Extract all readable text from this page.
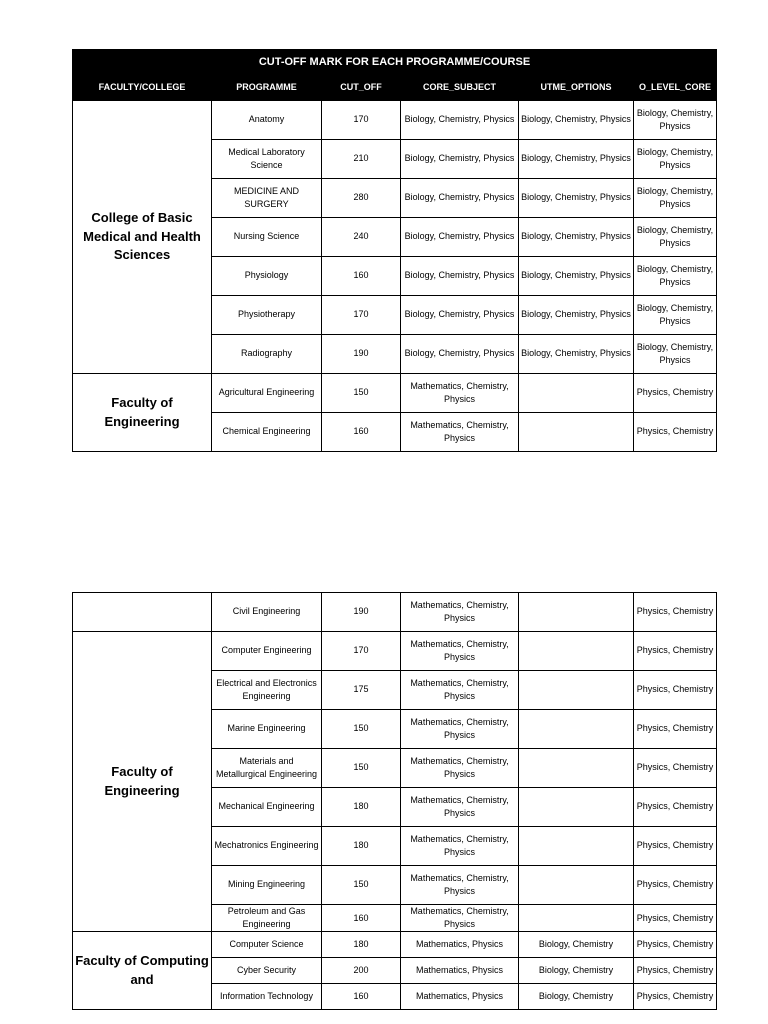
CUT-OFF MARK FOR EACH PROGRAMME/COURSE					
FACULTY/COLLEGE	PROGRAMME	CUT_OFF	CORE_SUBJECT	UTME_OPTIONS	O_LEVEL_CORE
College of Basic Medical and Health Sciences	Anatomy	170	Biology, Chemistry, Physics	Biology, Chemistry, Physics	Biology, Chemistry, Physics
	Medical Laboratory Science	210	Biology, Chemistry, Physics	Biology, Chemistry, Physics	Biology, Chemistry, Physics
	MEDICINE AND SURGERY	280	Biology, Chemistry, Physics	Biology, Chemistry, Physics	Biology, Chemistry, Physics
	Nursing Science	240	Biology, Chemistry, Physics	Biology, Chemistry, Physics	Biology, Chemistry, Physics
	Physiology	160	Biology, Chemistry, Physics	Biology, Chemistry, Physics	Biology, Chemistry, Physics
	Physiotherapy	170	Biology, Chemistry, Physics	Biology, Chemistry, Physics	Biology, Chemistry, Physics
	Radiography	190	Biology, Chemistry, Physics	Biology, Chemistry, Physics	Biology, Chemistry, Physics
Faculty of Engineering	Agricultural Engineering	150	Mathematics, Chemistry, Physics		Physics, Chemistry
	Chemical Engineering	160	Mathematics, Chemistry, Physics		Physics, Chemistry
	Civil Engineering	190	Mathematics, Chemistry, Physics		Physics, Chemistry
Faculty of Engineering	Computer Engineering	170	Mathematics, Chemistry, Physics		Physics, Chemistry
	Electrical and Electronics Engineering	175	Mathematics, Chemistry, Physics		Physics, Chemistry
	Marine Engineering	150	Mathematics, Chemistry, Physics		Physics, Chemistry
	Materials and Metallurgical Engineering	150	Mathematics, Chemistry, Physics		Physics, Chemistry
	Mechanical Engineering	180	Mathematics, Chemistry, Physics		Physics, Chemistry
	Mechatronics Engineering	180	Mathematics, Chemistry, Physics		Physics, Chemistry
	Mining Engineering	150	Mathematics, Chemistry, Physics		Physics, Chemistry
	Petroleum and Gas Engineering	160	Mathematics, Chemistry, Physics		Physics, Chemistry
Faculty of Computing and	Computer Science	180	Mathematics, Physics	Biology, Chemistry	Physics, Chemistry
	Cyber Security	200	Mathematics, Physics	Biology, Chemistry	Physics, Chemistry
	Information Technology	160	Mathematics, Physics	Biology, Chemistry	Physics, Chemistry
